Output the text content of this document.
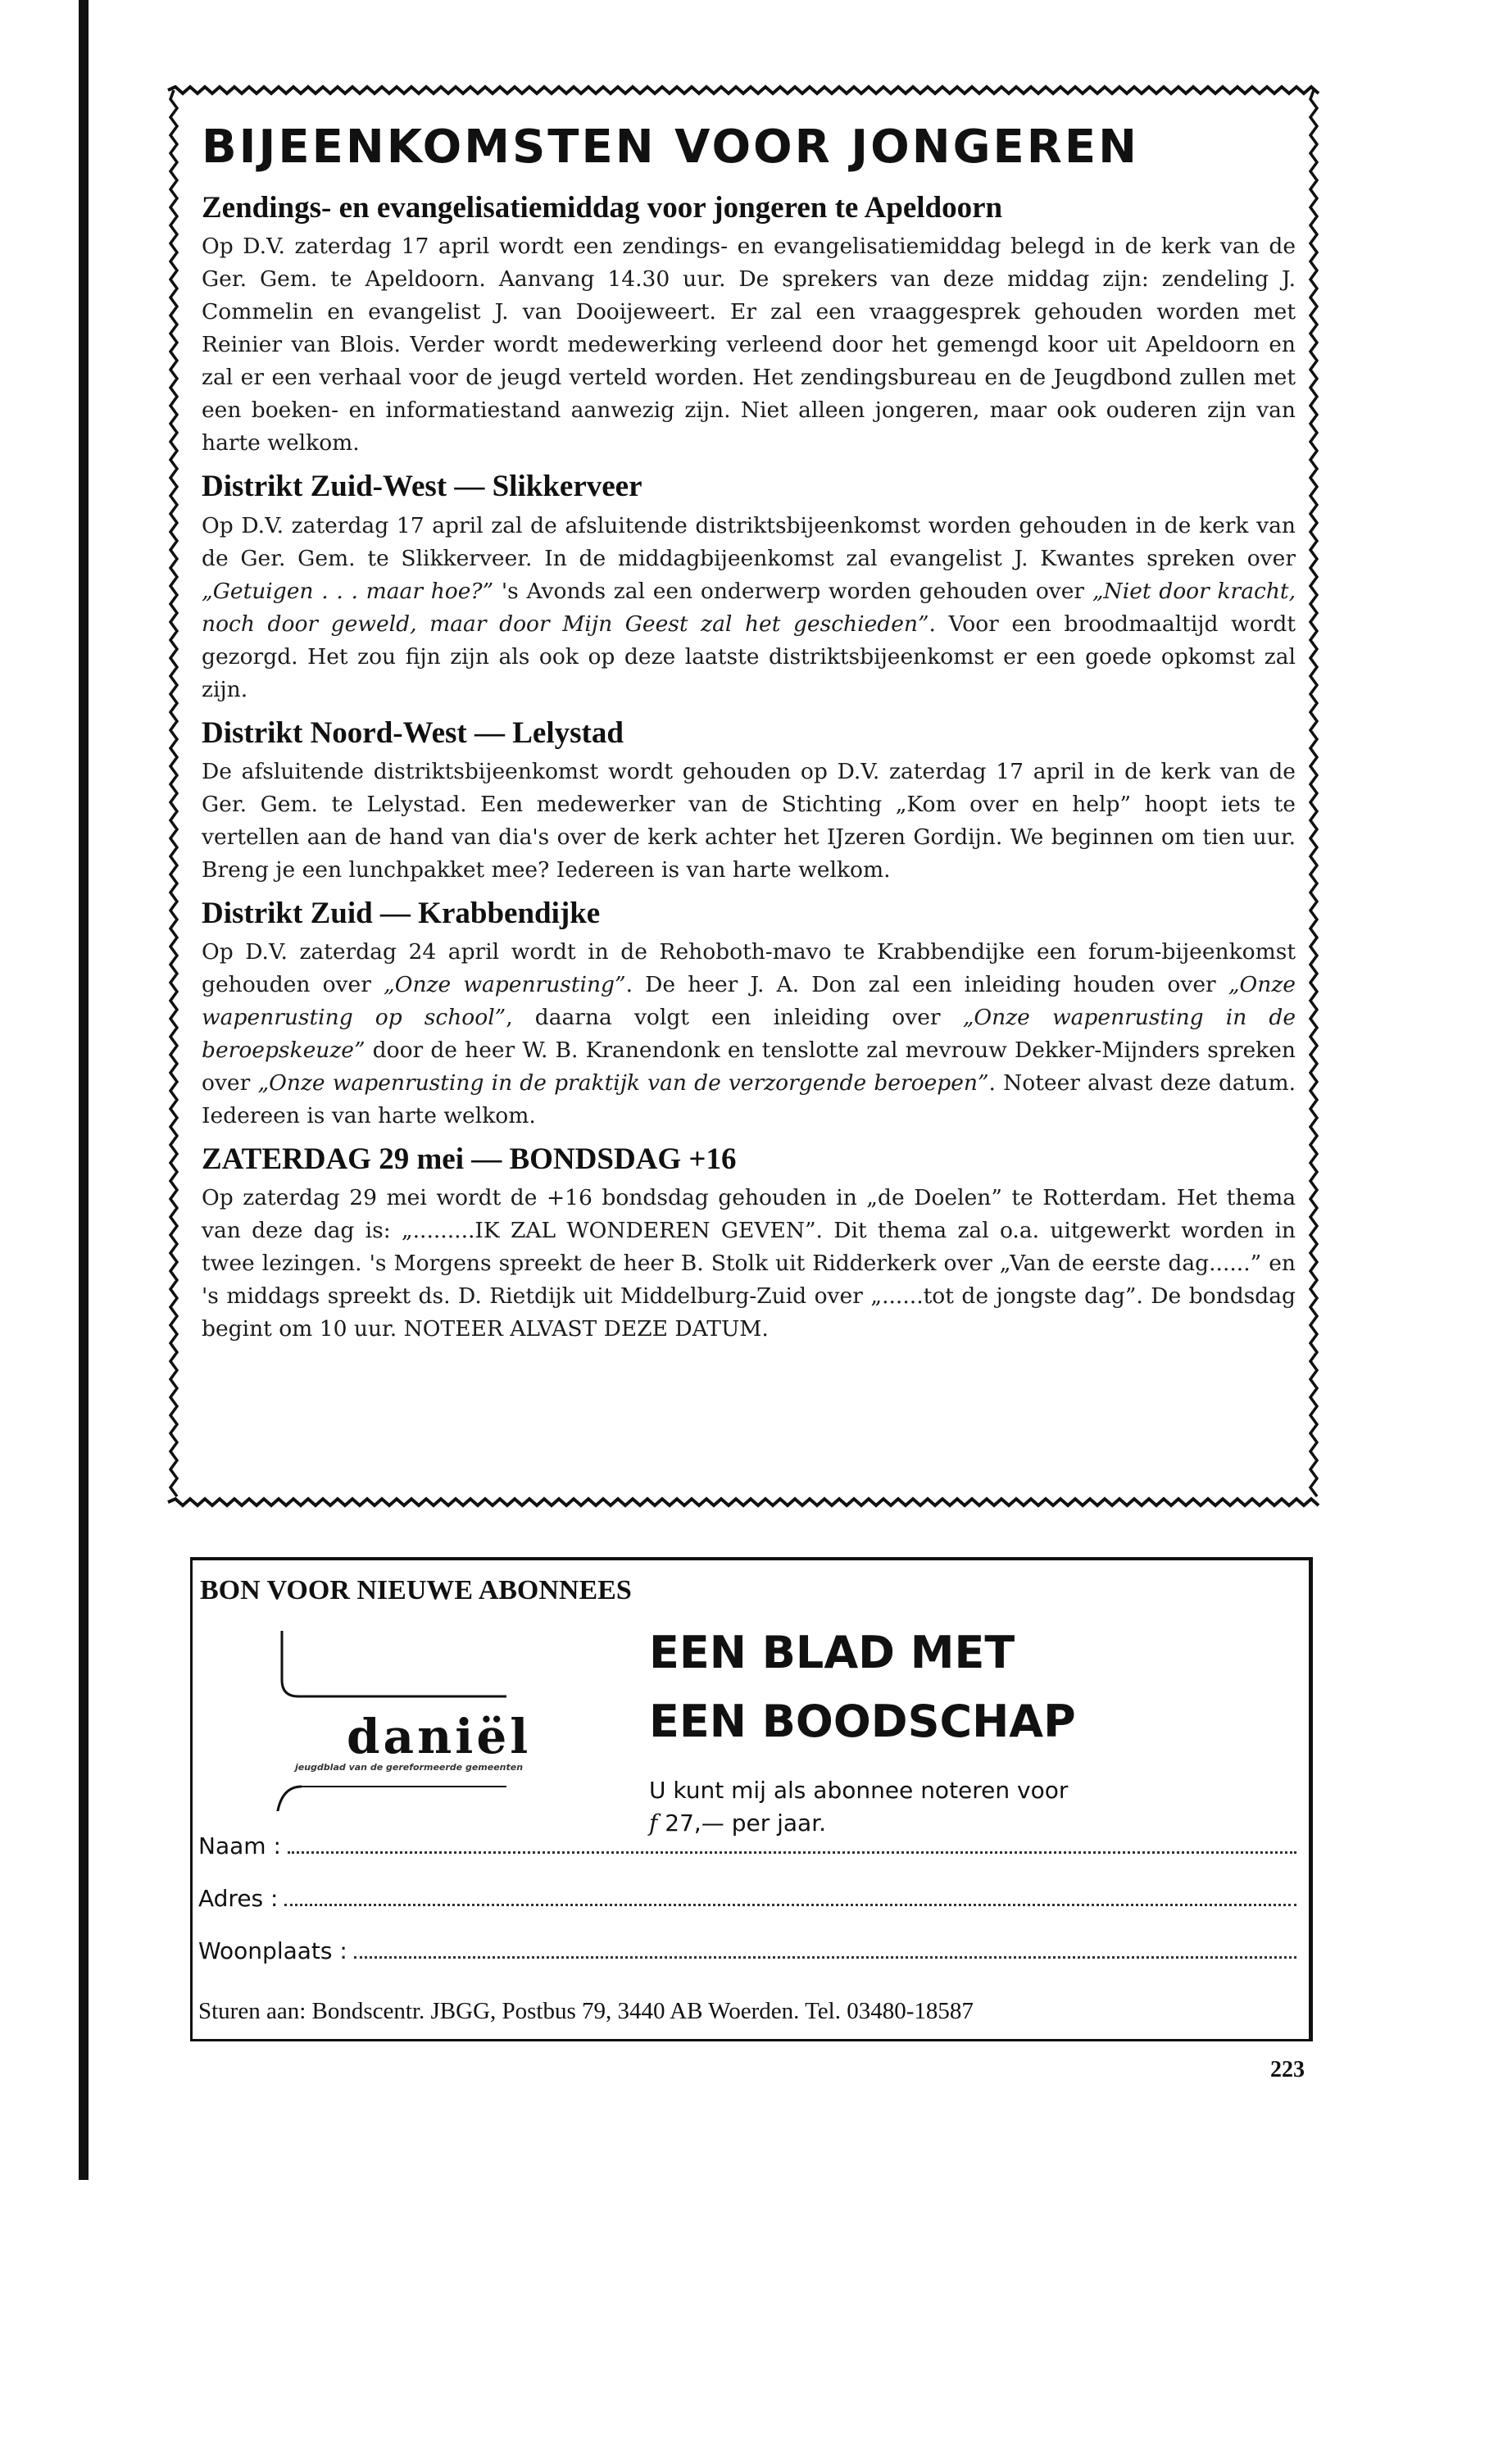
BIJEENKOMSTEN VOOR JONGEREN
Zendings- en evangelisatiemiddag voor jongeren te Apeldoorn
Op D.V. zaterdag 17 april wordt een zendings- en evangelisatiemiddag belegd in de kerk van de Ger. Gem. te Apeldoorn. Aanvang 14.30 uur. De sprekers van deze middag zijn: zendeling J. Commelin en evangelist J. van Dooijeweert. Er zal een vraaggesprek gehouden worden met Reinier van Blois. Verder wordt medewerking verleend door het gemengd koor uit Apeldoorn en zal er een verhaal voor de jeugd verteld worden. Het zendingsbureau en de Jeugdbond zullen met een boeken- en informatiestand aanwezig zijn. Niet alleen jongeren, maar ook ouderen zijn van harte welkom.
Distrikt Zuid-West — Slikkerveer
Op D.V. zaterdag 17 april zal de afsluitende distriktsbijeenkomst worden gehouden in de kerk van de Ger. Gem. te Slikkerveer. In de middagbijeenkomst zal evangelist J. Kwantes spreken over „Getuigen . . . maar hoe?” 's Avonds zal een onderwerp worden gehouden over „Niet door kracht, noch door geweld, maar door Mijn Geest zal het geschieden”. Voor een broodmaaltijd wordt gezorgd. Het zou fijn zijn als ook op deze laatste distriktsbijeenkomst er een goede opkomst zal zijn.
Distrikt Noord-West — Lelystad
De afsluitende distriktsbijeenkomst wordt gehouden op D.V. zaterdag 17 april in de kerk van de Ger. Gem. te Lelystad. Een medewerker van de Stichting „Kom over en help” hoopt iets te vertellen aan de hand van dia's over de kerk achter het IJzeren Gordijn. We beginnen om tien uur. Breng je een lunchpakket mee? Iedereen is van harte welkom.
Distrikt Zuid — Krabbendijke
Op D.V. zaterdag 24 april wordt in de Rehoboth-mavo te Krabbendijke een forum-bijeenkomst gehouden over „Onze wapenrusting”. De heer J. A. Don zal een inleiding houden over „Onze wapenrusting op school”, daarna volgt een inleiding over „Onze wapenrusting in de beroepskeuze” door de heer W. B. Kranendonk en tenslotte zal mevrouw Dekker-Mijnders spreken over „Onze wapenrusting in de praktijk van de verzorgende beroepen”. Noteer alvast deze datum. Iedereen is van harte welkom.
ZATERDAG 29 mei — BONDSDAG +16
Op zaterdag 29 mei wordt de +16 bondsdag gehouden in „de Doelen” te Rotterdam. Het thema van deze dag is: „.........IK ZAL WONDEREN GEVEN”. Dit thema zal o.a. uitgewerkt worden in twee lezingen. 's Morgens spreekt de heer B. Stolk uit Ridderkerk over „Van de eerste dag......” en 's middags spreekt ds. D. Rietdijk uit Middelburg-Zuid over „......tot de jongste dag”. De bondsdag begint om 10 uur. NOTEER ALVAST DEZE DATUM.
BON VOOR NIEUWE ABONNEES
daniël
jeugdblad van de gereformeerde gemeenten
EEN BLAD MET
EEN BOODSCHAP
U kunt mij als abonnee noteren voor
f 27,— per jaar.
Naam :
Adres :
Woonplaats :
Sturen aan: Bondscentr. JBGG, Postbus 79, 3440 AB Woerden. Tel. 03480-18587
223
